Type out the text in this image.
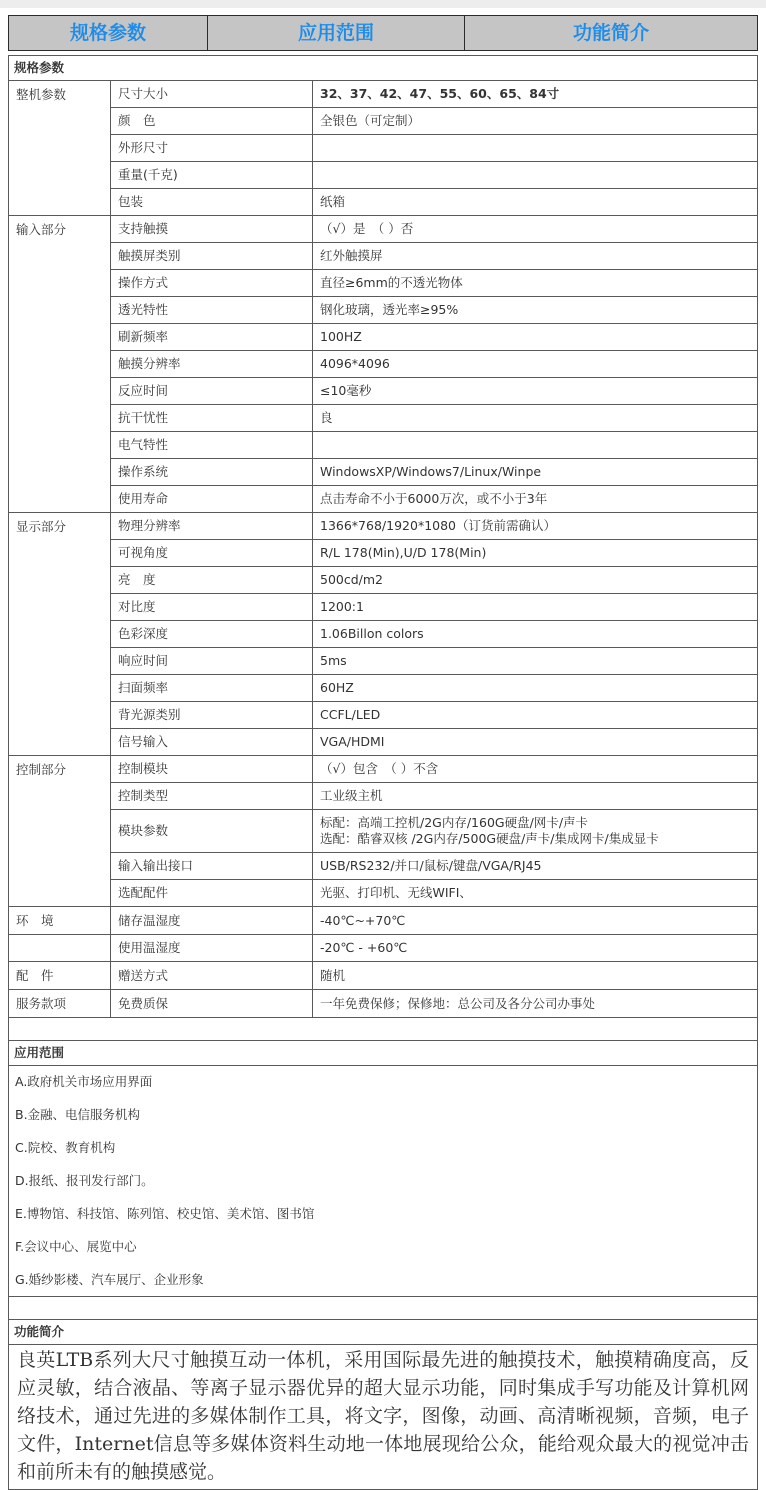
规格参数	应用范围	功能简介
规格参数		
整机参数	尺寸大小	32、37、42、47、55、60、65、84寸
	颜　色	全银色（可定制）
	外形尺寸	
	重量(千克)	
	包装	纸箱
输入部分	支持触摸	（√）是　（ ）否
	触摸屏类别	红外触摸屏
	操作方式	直径≥6mm的不透光物体
	透光特性	钢化玻璃，透光率≥95%
	刷新频率	100HZ
	触摸分辨率	4096*4096
	反应时间	≤10毫秒
	抗干忧性	良
	电气特性	
	操作系统	WindowsXP/Windows7/Linux/Winpe
	使用寿命	点击寿命不小于6000万次，或不小于3年
显示部分	物理分辨率	1366*768/1920*1080（订货前需确认）
	可视角度	R/L 178(Min),U/D 178(Min)
	亮　度	500cd/m2
	对比度	1200:1
	色彩深度	1.06Billon colors
	响应时间	5ms
	扫面频率	60HZ
	背光源类别	CCFL/LED
	信号输入	VGA/HDMI
控制部分	控制模块	（√）包含　（ ）不含
	控制类型	工业级主机
	模块参数	标配：高端工控机/2G内存/160G硬盘/网卡/声卡
选配：酷睿双核 /2G内存/500G硬盘/声卡/集成网卡/集成显卡
	输入输出接口	USB/RS232/并口/鼠标/键盘/VGA/RJ45
	选配配件	光驱、打印机、无线WIFI、
环　境	储存温湿度	-40℃~+70℃
	使用温湿度	-20℃ - +60℃
配　件	赠送方式	随机
服务款项	免费质保	一年免费保修；保修地：总公司及各分公司办事处

应用范围		

A.政府机关市场应用界面

B.金融、电信服务机构

C.院校、教育机构

D.报纸、报刊发行部门。

E.博物馆、科技馆、陈列馆、校史馆、美术馆、图书馆

F.会议中心、展览中心

G.婚纱影楼、汽车展厅、企业形象

功能简介		
良英LTB系列大尺寸触摸互动一体机，采用国际最先进的触摸技术，触摸精确度高，反应灵敏，结合液晶、等离子显示器优异的超大显示功能，同时集成手写功能及计算机网络技术，通过先进的多媒体制作工具，将文字，图像，动画、高清晰视频，音频，电子文件，Internet信息等多媒体资料生动地一体地展现给公众，能给观众最大的视觉冲击和前所未有的触摸感觉。		
